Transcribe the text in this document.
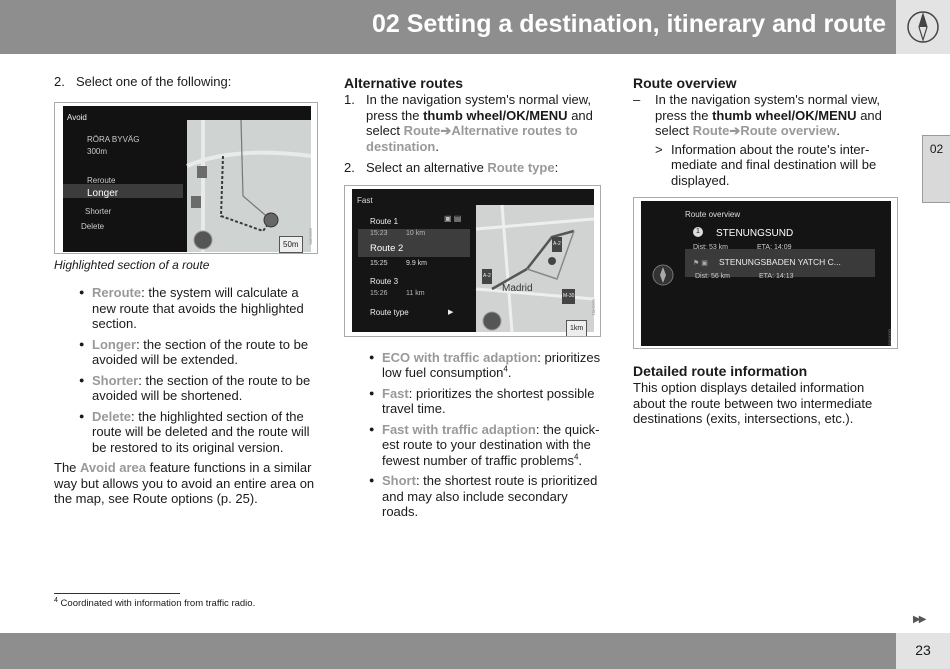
02 Setting a destination, itinerary and route
02
2. Select one of the following:
Avoid
RÖRA BYVÄG
300m
Reroute
Longer
Shorter
Delete
50m
G000456
Highlighted section of a route
● Reroute: the system will calculate a new route that avoids the highlighted section.
● Longer: the section of the route to be avoided will be extended.
● Shorter: the section of the route to be avoided will be shortened.
● Delete: the highlighted section of the route will be deleted and the route will be restored to its original version.
The Avoid area feature functions in a similar way but allows you to avoid an entire area on the map, see Route options (p. 25).
Alternative routes
1. In the navigation system's normal view, press the thumb wheel/OK/MENU and select Route➔Alternative routes to destination.
2. Select an alternative Route type:
Fast
▣ ▤
Route 1
15:23	10 km
Route 2
15:25	9.9 km
Route 3
15:26	11 km
Route type	▶
Madrid
A-2
M-30
A-2
1km
G000451
● ECO with traffic adaption: prioritizes low fuel consumption$^4$.
● Fast: prioritizes the shortest possible travel time.
● Fast with traffic adaption: the quick-est route to your destination with the fewest number of traffic problems$^4$.
● Short: the shortest route is prioritized and may also include secondary roads.
Route overview
–	In the navigation system's normal view, press the thumb wheel/OK/MENU and select Route➔Route overview.
> Information about the route's inter-mediate and final destination will be displayed.
Route overview
1	STENUNGSUND
Dist: 53 km	ETA: 14:09
⚑ ▣ STENUNGSBADEN YATCH C...
Dist: 56 km	ETA: 14:13
G000459
Detailed route information
This option displays detailed information about the route between two intermediate destinations (exits, intersections, etc.).
$^4$ Coordinated with information from traffic radio.
▶▶
23
